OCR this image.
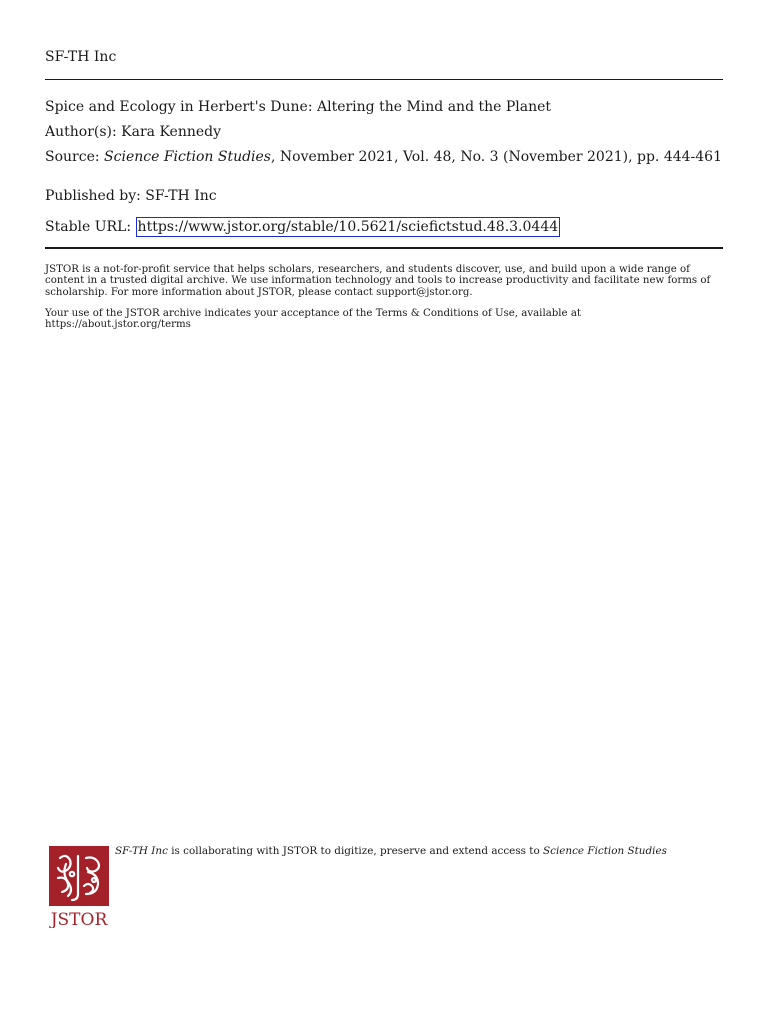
SF-TH Inc
Spice and Ecology in Herbert's Dune: Altering the Mind and the Planet
Author(s): Kara Kennedy
Source: Science Fiction Studies, November 2021, Vol. 48, No. 3 (November 2021), pp. 444-461
Published by: SF-TH Inc
Stable URL: https://www.jstor.org/stable/10.5621/sciefictstud.48.3.0444
JSTOR is a not-for-profit service that helps scholars, researchers, and students discover, use, and build upon a wide range of content in a trusted digital archive. We use information technology and tools to increase productivity and facilitate new forms of scholarship. For more information about JSTOR, please contact support@jstor.org.
Your use of the JSTOR archive indicates your acceptance of the Terms & Conditions of Use, available at https://about.jstor.org/terms
JSTOR
SF-TH Inc is collaborating with JSTOR to digitize, preserve and extend access to Science Fiction Studies
